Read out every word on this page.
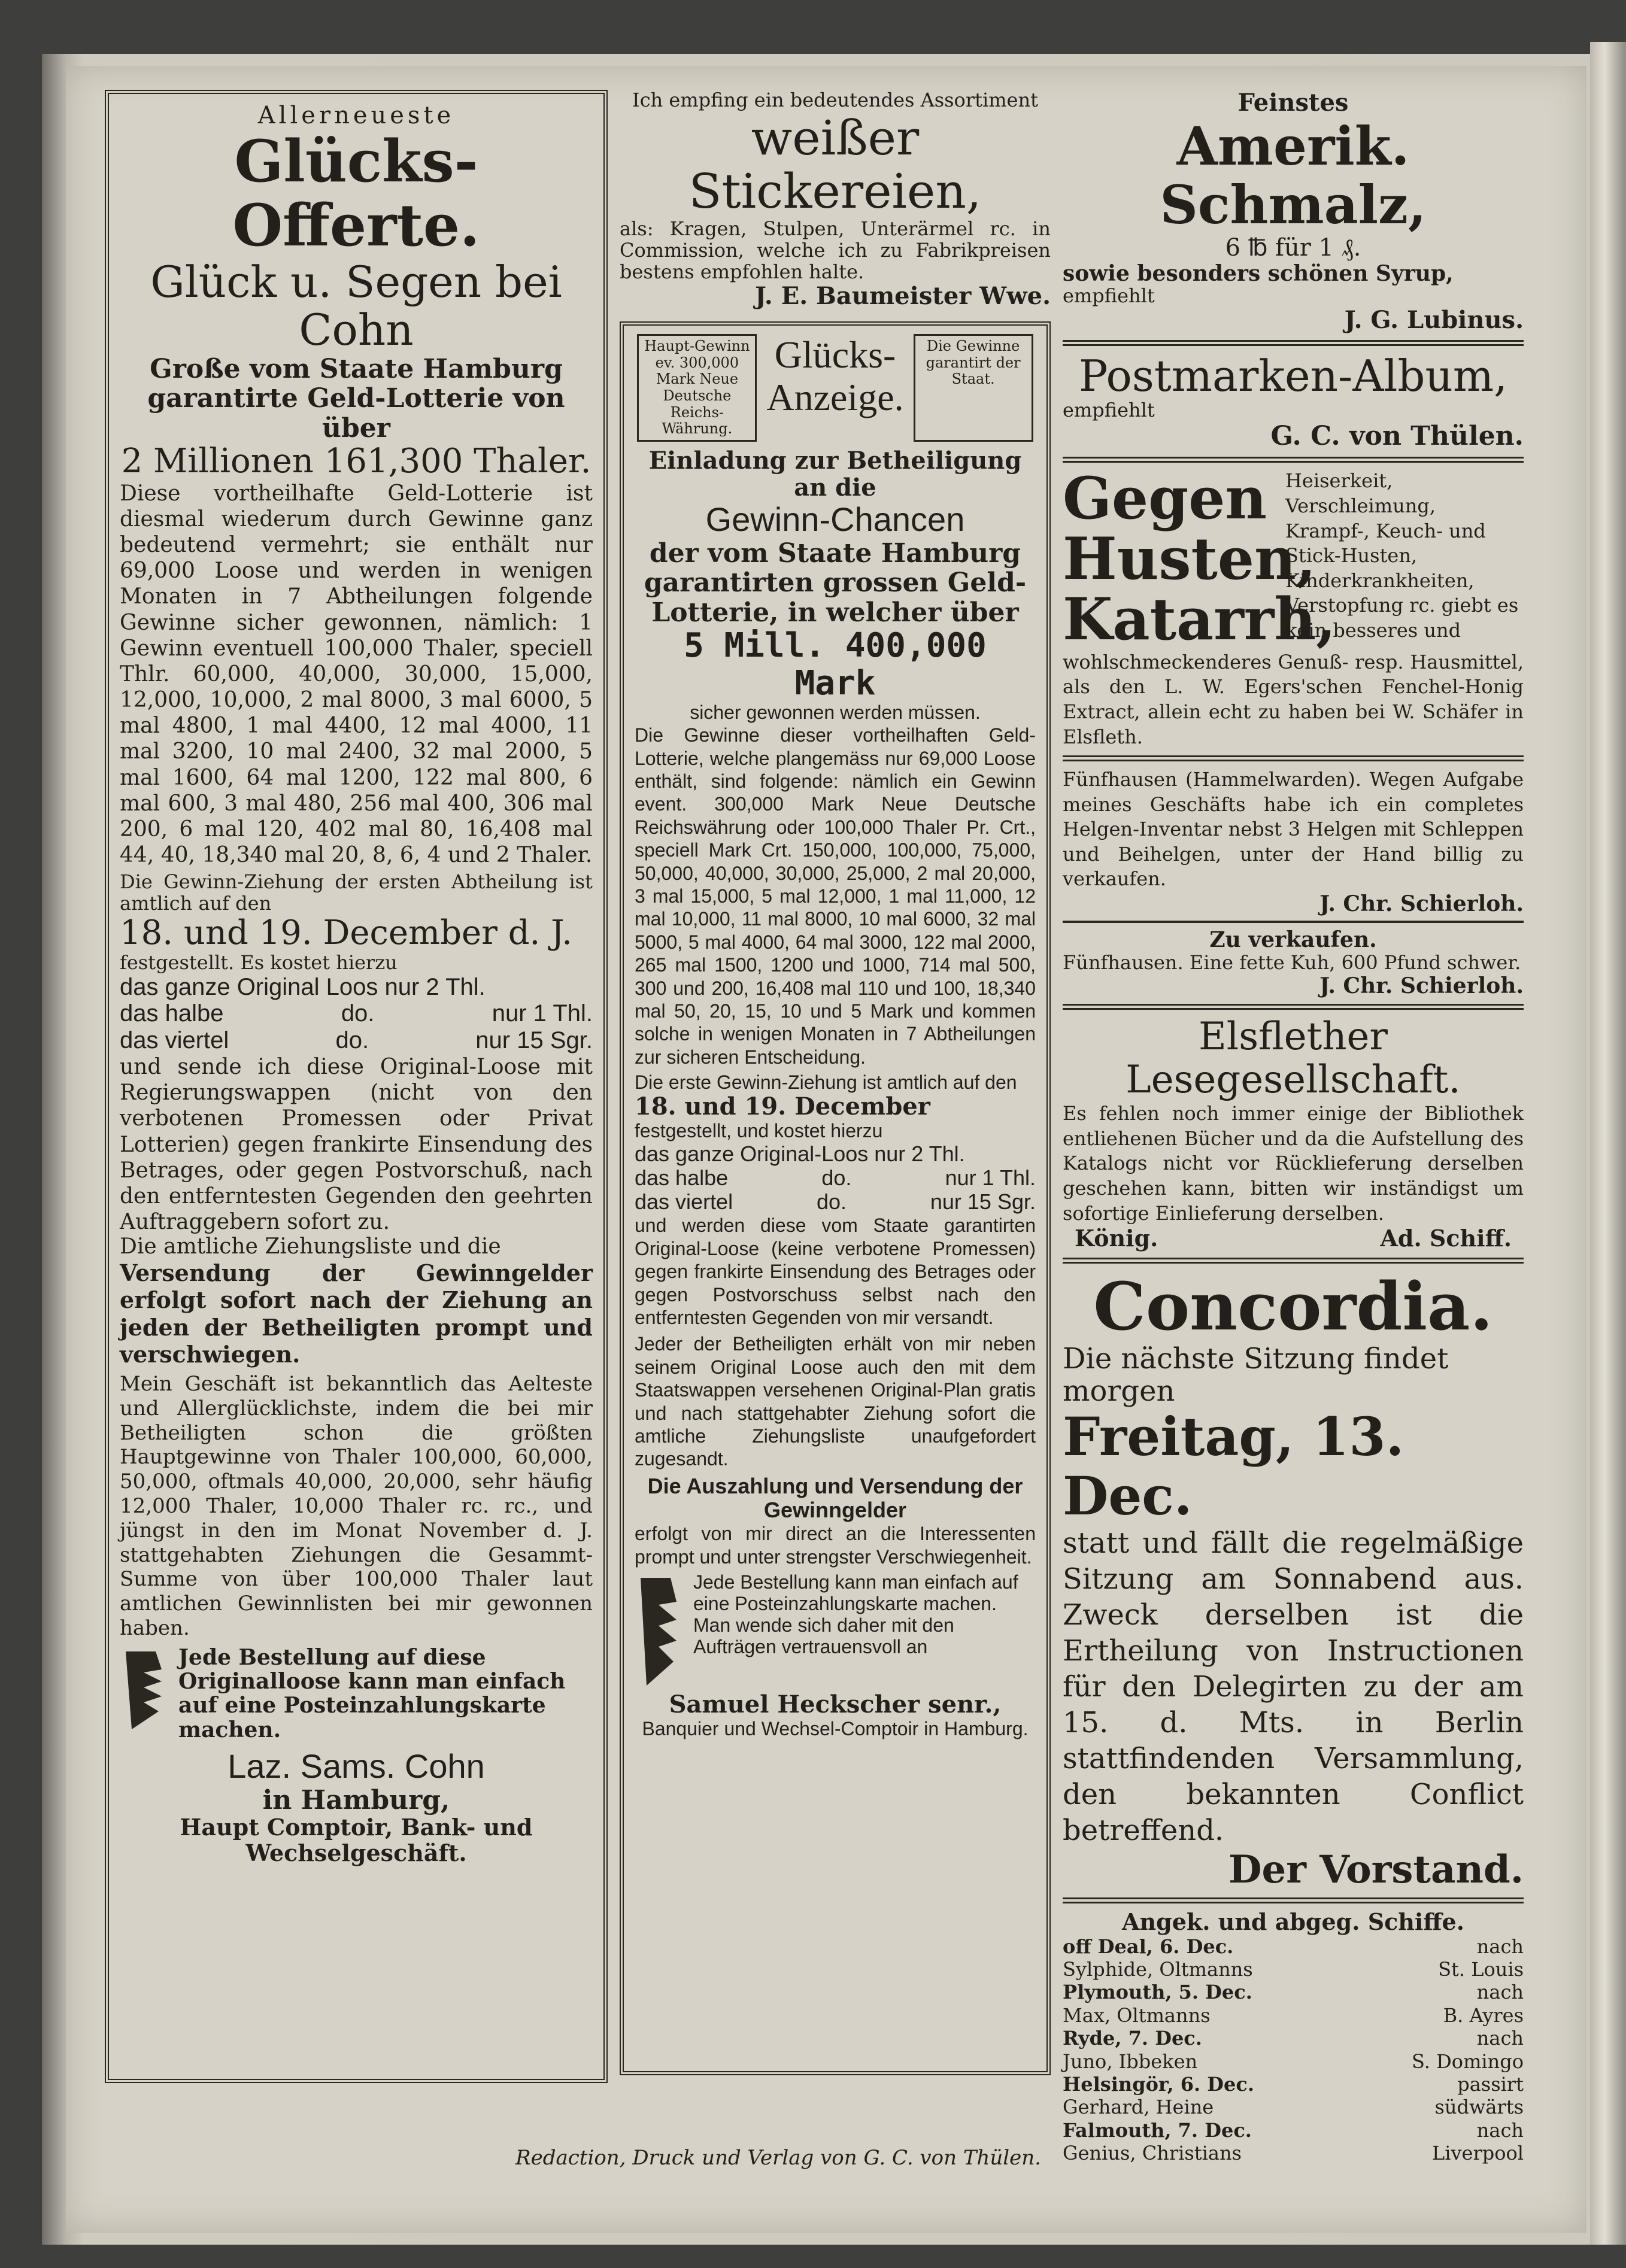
Allerneueste

Glücks-Offerte.

Glück u. Segen bei Cohn

Große vom Staate Hamburg

garantirte Geld-Lotterie von

über

2 Millionen 161,300 Thaler.

Diese vortheilhafte Geld-Lotterie ist diesmal wiederum durch Gewinne ganz bedeutend vermehrt; sie enthält nur 69,000 Loose und werden in wenigen Monaten in 7 Abtheilungen folgende Gewinne sicher gewonnen, nämlich: 1 Gewinn eventuell 100,000 Thaler, speciell Thlr. 60,000, 40,000, 30,000, 15,000, 12,000, 10,000, 2 mal 8000, 3 mal 6000, 5 mal 4800, 1 mal 4400, 12 mal 4000, 11 mal 3200, 10 mal 2400, 32 mal 2000, 5 mal 1600, 64 mal 1200, 122 mal 800, 6 mal 600, 3 mal 480, 256 mal 400, 306 mal 200, 6 mal 120, 402 mal 80, 16,408 mal 44, 40, 18,340 mal 20, 8, 6, 4 und 2 Thaler.

Die Gewinn-Ziehung der ersten Abtheilung ist amtlich auf den

18. und 19. December d. J.

festgestellt. Es kostet hierzu

das ganze Original Loos nur 2 Thl.

das halbe	do.	nur 1 Thl.
das viertel	do.	nur 15 Sgr.

und sende ich diese Original-Loose mit Regierungswappen (nicht von den verbotenen Promessen oder Privat Lotterien) gegen frankirte Einsendung des Betrages, oder gegen Postvorschuß, nach den entferntesten Gegenden den geehrten Auftraggebern sofort zu.

Die amtliche Ziehungsliste und die

Versendung der Gewinngelder erfolgt sofort nach der Ziehung an jeden der Betheiligten prompt und verschwiegen.

Mein Geschäft ist bekanntlich das Aelteste und Allerglücklichste, indem die bei mir Betheiligten schon die größten Hauptgewinne von Thaler 100,000, 60,000, 50,000, oftmals 40,000, 20,000, sehr häufig 12,000 Thaler, 10,000 Thaler rc. rc., und jüngst in den im Monat November d. J. stattgehabten Ziehungen die Gesammt-Summe von über 100,000 Thaler laut amtlichen Gewinnlisten bei mir gewonnen haben.

Jede Bestellung auf diese Originalloose kann man einfach auf eine Posteinzahlungskarte machen.

Laz. Sams. Cohn

in Hamburg,

Haupt Comptoir, Bank- und Wechselgeschäft.

Ich empfing ein bedeutendes Assortiment

weißer Stickereien,

als: Kragen, Stulpen, Unterärmel rc. in Commission, welche ich zu Fabrikpreisen bestens empfohlen halte.

J. E. Baumeister Wwe.

Haupt-Gewinn ev. 300,000 Mark Neue Deutsche Reichs-Währung.
Glücks-
Anzeige.
Die Gewinne garantirt der Staat.

Einladung zur Betheiligung an die

Gewinn-Chancen

der vom Staate Hamburg garantirten grossen Geld-Lotterie, in welcher über

5 Mill. 400,000 Mark

sicher gewonnen werden müssen.

Die Gewinne dieser vortheilhaften Geld-Lotterie, welche plangemäss nur 69,000 Loose enthält, sind folgende: nämlich ein Gewinn event. 300,000 Mark Neue Deutsche Reichswährung oder 100,000 Thaler Pr. Crt., speciell Mark Crt. 150,000, 100,000, 75,000, 50,000, 40,000, 30,000, 25,000, 2 mal 20,000, 3 mal 15,000, 5 mal 12,000, 1 mal 11,000, 12 mal 10,000, 11 mal 8000, 10 mal 6000, 32 mal 5000, 5 mal 4000, 64 mal 3000, 122 mal 2000, 265 mal 1500, 1200 und 1000, 714 mal 500, 300 und 200, 16,408 mal 110 und 100, 18,340 mal 50, 20, 15, 10 und 5 Mark und kommen solche in wenigen Monaten in 7 Abtheilungen zur sicheren Entscheidung.

Die erste Gewinn-Ziehung ist amtlich auf den

18. und 19. December

festgestellt, und kostet hierzu

das ganze Original-Loos nur 2 Thl.

das halbe	do.	nur 1 Thl.
das viertel	do.	nur 15 Sgr.

und werden diese vom Staate garantirten Original-Loose (keine verbotene Promessen) gegen frankirte Einsendung des Betrages oder gegen Postvorschuss selbst nach den entferntesten Gegenden von mir versandt.

Jeder der Betheiligten erhält von mir neben seinem Original Loose auch den mit dem Staatswappen versehenen Original-Plan gratis und nach stattgehabter Ziehung sofort die amtliche Ziehungsliste unaufgefordert zugesandt.

Die Auszahlung und Versendung der Gewinngelder

erfolgt von mir direct an die Interessenten prompt und unter strengster Verschwiegenheit.

Jede Bestellung kann man einfach auf eine Posteinzahlungskarte machen.

Man wende sich daher mit den Aufträgen vertrauensvoll an

Samuel Heckscher senr.,

Banquier und Wechsel-Comptoir in Hamburg.

Feinstes

Amerik. Schmalz,

6 ℔ für 1 ₰.

sowie besonders schönen Syrup,

empfiehlt

J. G. Lubinus.

Postmarken-Album,

empfiehlt

G. C. von Thülen.

Gegen

Husten,

Katarrh,

Heiserkeit, Verschleimung, Krampf-, Keuch- und Stick-Husten, Kinderkrankheiten,

Verstopfung rc. giebt es kein besseres und

wohlschmeckenderes Genuß- resp. Hausmittel, als den L. W. Egers'schen Fenchel-Honig Extract, allein echt zu haben bei W. Schäfer in Elsfleth.

Fünfhausen (Hammelwarden). Wegen Aufgabe meines Geschäfts habe ich ein completes Helgen-Inventar nebst 3 Helgen mit Schleppen und Beihelgen, unter der Hand billig zu verkaufen.

J. Chr. Schierloh.

Zu verkaufen.

Fünfhausen. Eine fette Kuh, 600 Pfund schwer.

J. Chr. Schierloh.

Elsflether Lesegesellschaft.

Es fehlen noch immer einige der Bibliothek entliehenen Bücher und da die Aufstellung des Katalogs nicht vor Rücklieferung derselben geschehen kann, bitten wir inständigst um sofortige Einlieferung derselben.

König.	Ad. Schiff.

Concordia.

Die nächste Sitzung findet morgen

Freitag, 13. Dec.

statt und fällt die regelmäßige Sitzung am Sonnabend aus. Zweck derselben ist die Ertheilung von Instructionen für den Delegirten zu der am 15. d. Mts. in Berlin stattfindenden Versammlung, den bekannten Conflict betreffend.

Der Vorstand.

Angek. und abgeg. Schiffe.

off Deal, 6. Dec.	nach
Sylphide, Oltmanns	St. Louis
Plymouth, 5. Dec.	nach
Max, Oltmanns	B. Ayres
Ryde, 7. Dec.	nach
Juno, Ibbeken	S. Domingo
Helsingör, 6. Dec.	passirt
Gerhard, Heine	südwärts
Falmouth, 7. Dec.	nach
Genius, Christians	Liverpool
Redaction, Druck und Verlag von G. C. von Thülen.
